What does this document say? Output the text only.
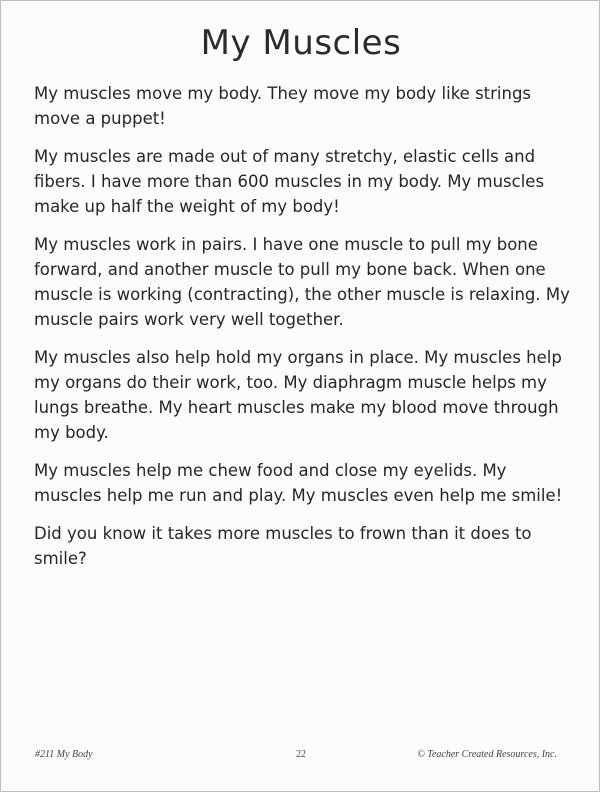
My Muscles

My muscles move my body. They move my body like strings move a puppet!

My muscles are made out of many stretchy, elastic cells and fibers. I have more than 600 muscles in my body. My muscles make up half the weight of my body!

My muscles work in pairs. I have one muscle to pull my bone forward, and another muscle to pull my bone back. When one muscle is working (contracting), the other muscle is relaxing. My muscle pairs work very well together.

My muscles also help hold my organs in place. My muscles help my organs do their work, too. My diaphragm muscle helps my lungs breathe. My heart muscles make my blood move through my body.

My muscles help me chew food and close my eyelids. My muscles help me run and play. My muscles even help me smile!

Did you know it takes more muscles to frown than it does to smile?

#211 My Body	22	© Teacher Created Resources, Inc.
